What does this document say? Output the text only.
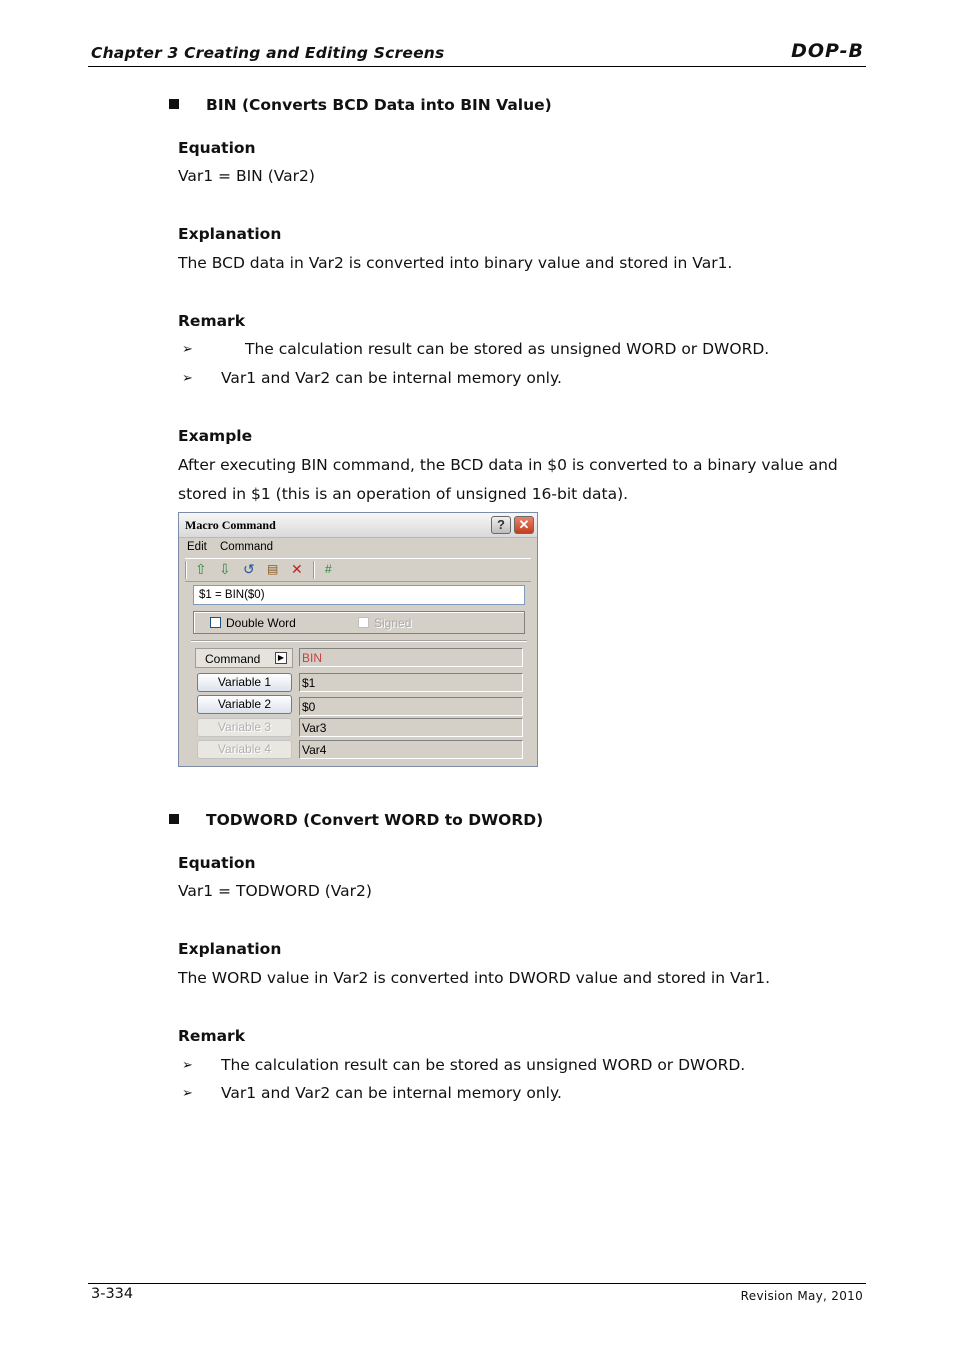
Chapter 3 Creating and Editing Screens	DOP-B
BIN (Converts BCD Data into BIN Value)
Equation
Var1 = BIN (Var2)
Explanation
The BCD data in Var2 is converted into binary value and stored in Var1.
Remark
➢	The calculation result can be stored as unsigned WORD or DWORD.
➢ Var1 and Var2 can be internal memory only.
Example
After executing BIN command, the BCD data in $0 is converted to a binary value and
stored in $1 (this is an operation of unsigned 16-bit data).
Macro Command	?	✕
Edit Command
⇧ ⇩ ↺ ▤ ✕ #
$1 = BIN($0)
Double Word	Signed
Command	▶ BIN
Variable 1	$1
Variable 2	$0
Variable 3	Var3
Variable 4	Var4
TODWORD (Convert WORD to DWORD)
Equation
Var1 = TODWORD (Var2)
Explanation
The WORD value in Var2 is converted into DWORD value and stored in Var1.
Remark
➢ The calculation result can be stored as unsigned WORD or DWORD.
➢ Var1 and Var2 can be internal memory only.
3-334	Revision May, 2010
